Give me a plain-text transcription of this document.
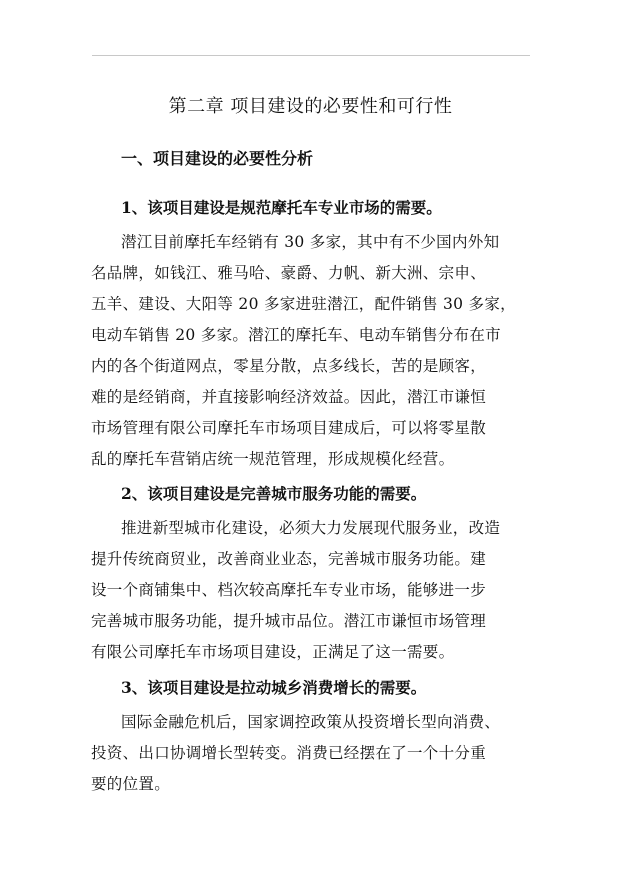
第二章 项目建设的必要性和可行性
一、项目建设的必要性分析
1、该项目建设是规范摩托车专业市场的需要。
潜江目前摩托车经销有 30 多家，其中有不少国内外知
名品牌，如钱江、雅马哈、豪爵、力帆、新大洲、宗申、
五羊、建设、大阳等 20 多家进驻潜江，配件销售 30 多家，
电动车销售 20 多家。潜江的摩托车、电动车销售分布在市
内的各个街道网点，零星分散，点多线长，苦的是顾客，
难的是经销商，并直接影响经济效益。因此，潜江市谦恒
市场管理有限公司摩托车市场项目建成后，可以将零星散
乱的摩托车营销店统一规范管理，形成规模化经营。
2、该项目建设是完善城市服务功能的需要。
推进新型城市化建设，必须大力发展现代服务业，改造
提升传统商贸业，改善商业业态，完善城市服务功能。建
设一个商铺集中、档次较高摩托车专业市场，能够进一步
完善城市服务功能，提升城市品位。潜江市谦恒市场管理
有限公司摩托车市场项目建设，正满足了这一需要。
3、该项目建设是拉动城乡消费增长的需要。
国际金融危机后，国家调控政策从投资增长型向消费、
投资、出口协调增长型转变。消费已经摆在了一个十分重
要的位置。
